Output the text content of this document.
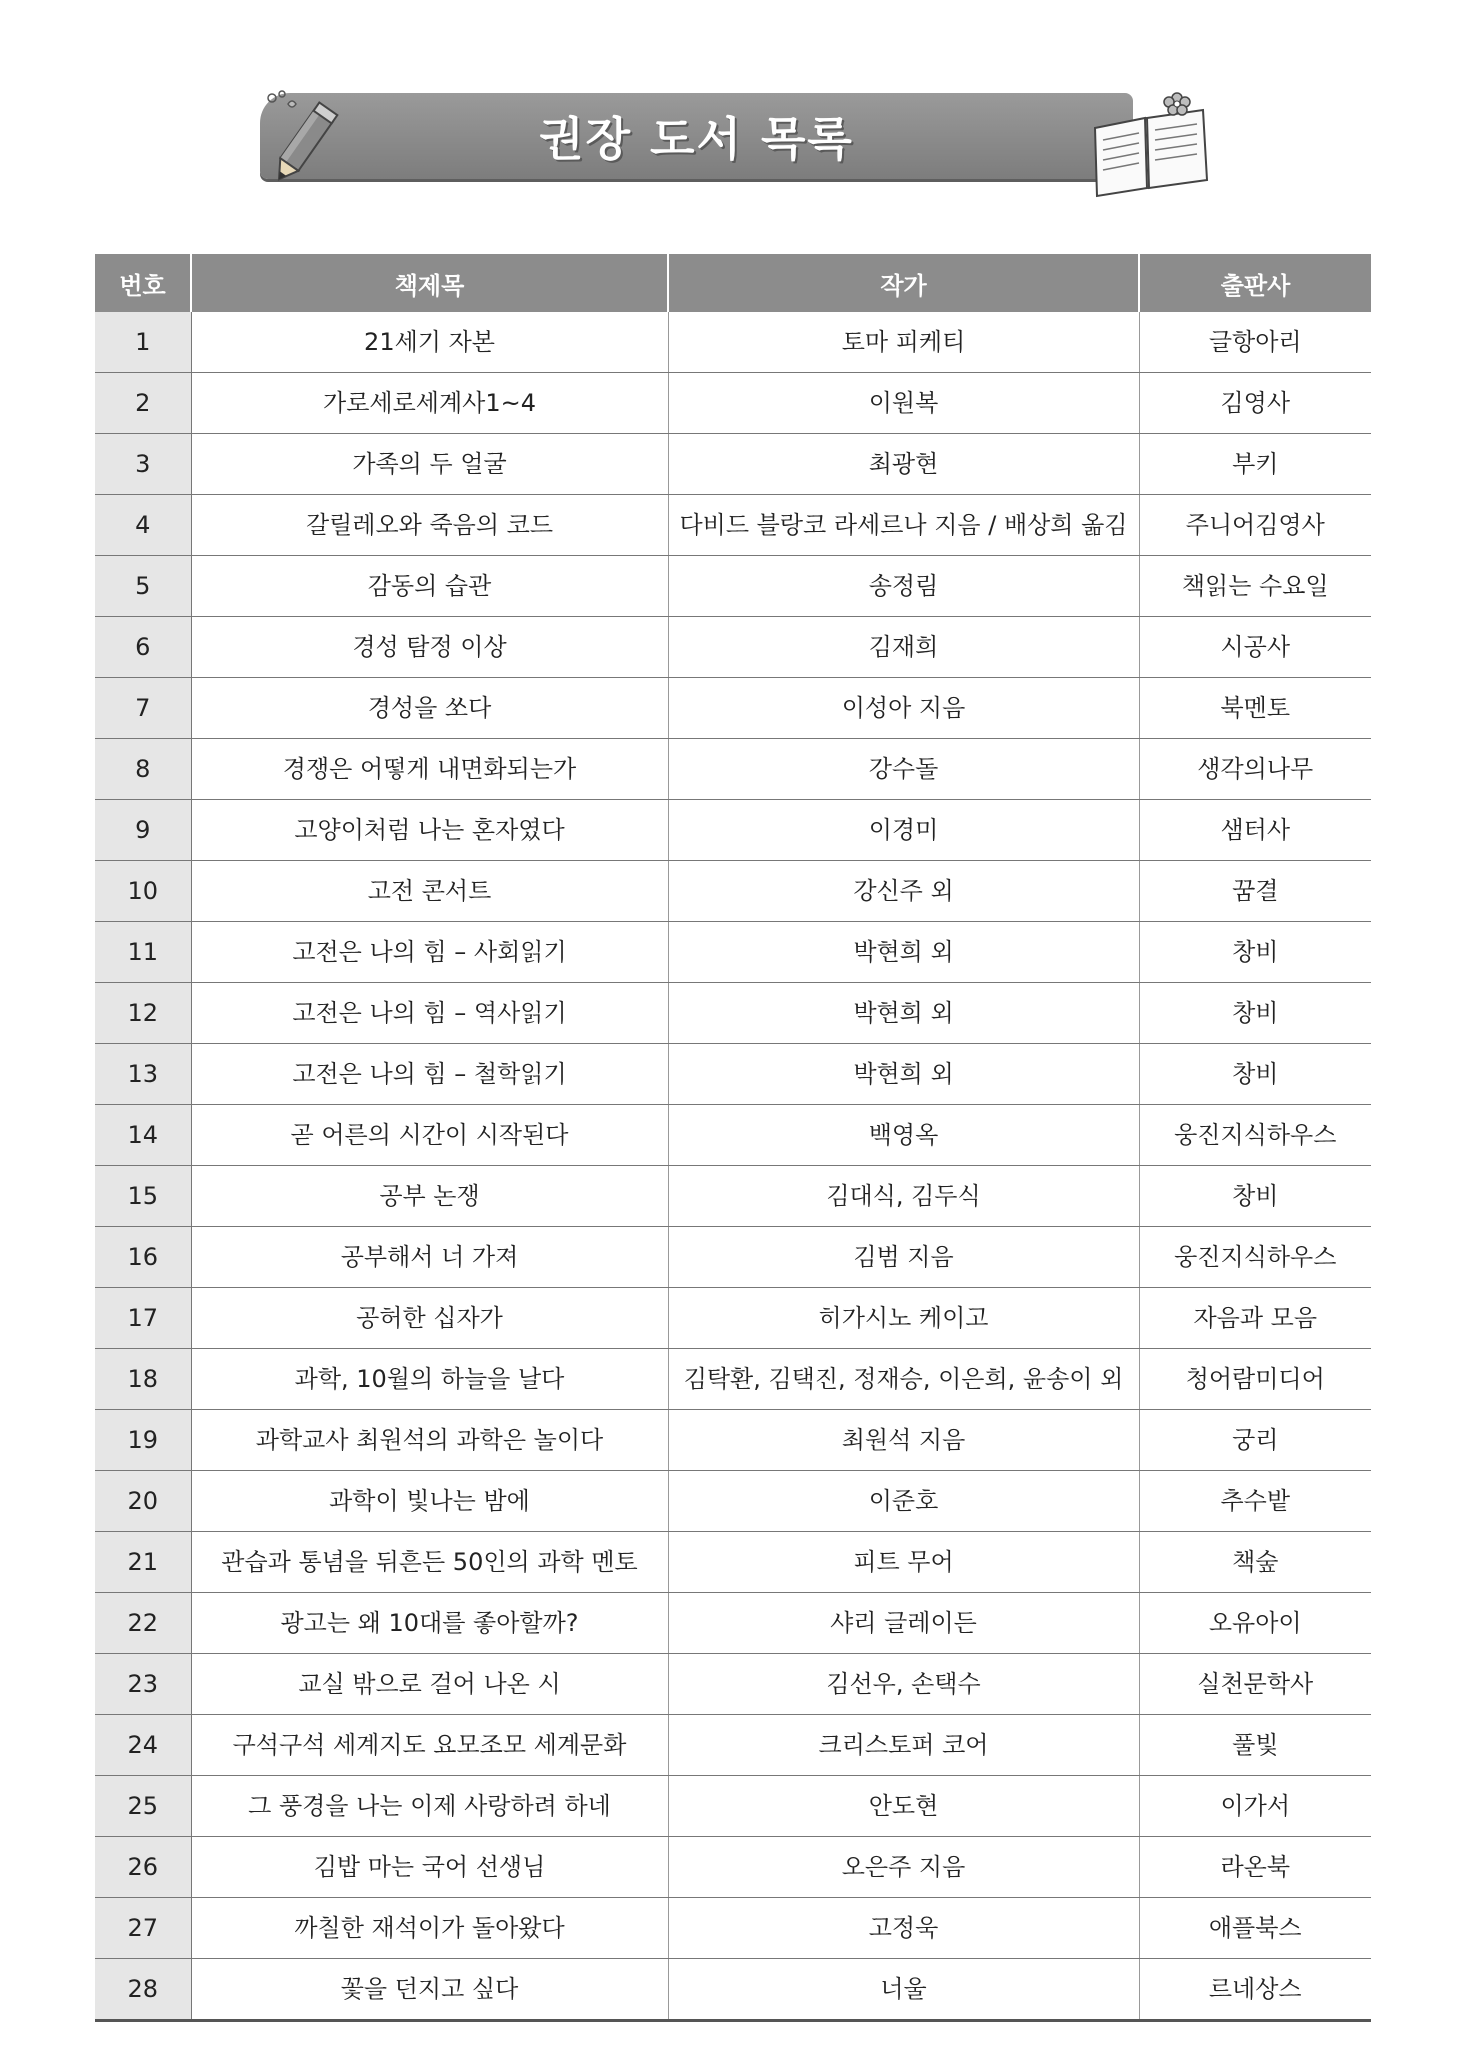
권장 도서 목록
번호	책제목	작가	출판사
1	21세기 자본	토마 피케티	글항아리
2	가로세로세계사1~4	이원복	김영사
3	가족의 두 얼굴	최광현	부키
4	갈릴레오와 죽음의 코드	다비드 블랑코 라세르나 지음 / 배상희 옮김	주니어김영사
5	감동의 습관	송정림	책읽는 수요일
6	경성 탐정 이상	김재희	시공사
7	경성을 쏘다	이성아 지음	북멘토
8	경쟁은 어떻게 내면화되는가	강수돌	생각의나무
9	고양이처럼 나는 혼자였다	이경미	샘터사
10	고전 콘서트	강신주 외	꿈결
11	고전은 나의 힘 – 사회읽기	박현희 외	창비
12	고전은 나의 힘 – 역사읽기	박현희 외	창비
13	고전은 나의 힘 – 철학읽기	박현희 외	창비
14	곧 어른의 시간이 시작된다	백영옥	웅진지식하우스
15	공부 논쟁	김대식, 김두식	창비
16	공부해서 너 가져	김범 지음	웅진지식하우스
17	공허한 십자가	히가시노 케이고	자음과 모음
18	과학, 10월의 하늘을 날다	김탁환, 김택진, 정재승, 이은희, 윤송이 외	청어람미디어
19	과학교사 최원석의 과학은 놀이다	최원석 지음	궁리
20	과학이 빛나는 밤에	이준호	추수밭
21	관습과 통념을 뒤흔든 50인의 과학 멘토	피트 무어	책숲
22	광고는 왜 10대를 좋아할까?	샤리 글레이든	오유아이
23	교실 밖으로 걸어 나온 시	김선우, 손택수	실천문학사
24	구석구석 세계지도 요모조모 세계문화	크리스토퍼 코어	풀빛
25	그 풍경을 나는 이제 사랑하려 하네	안도현	이가서
26	김밥 마는 국어 선생님	오은주 지음	라온북
27	까칠한 재석이가 돌아왔다	고정욱	애플북스
28	꽃을 던지고 싶다	너울	르네상스
